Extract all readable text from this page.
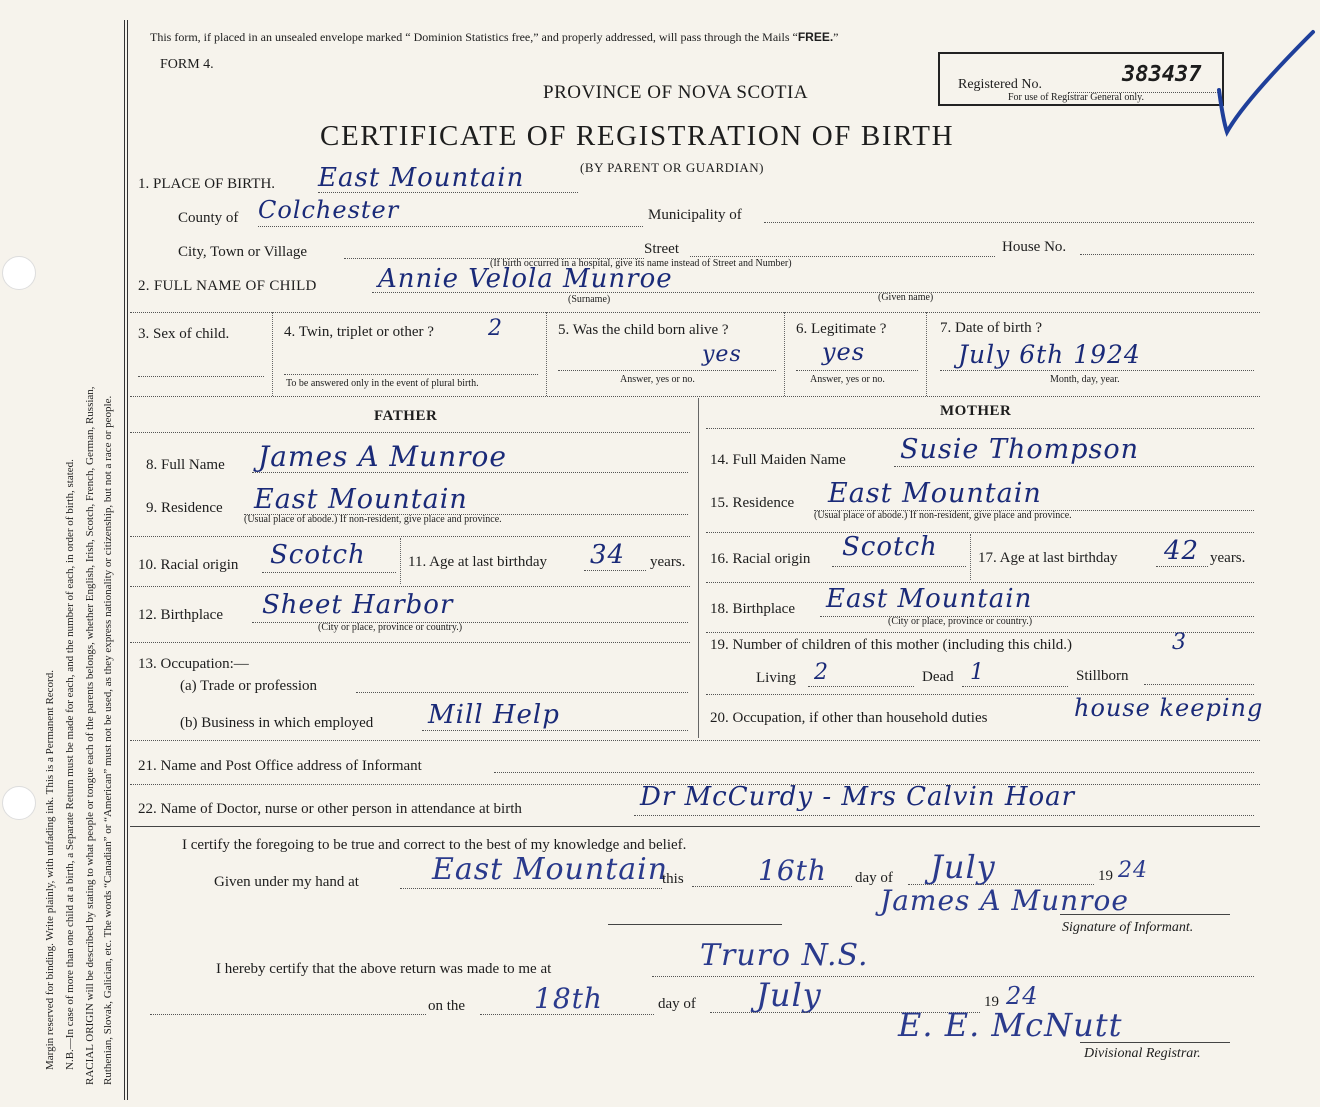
Margin reserved for binding. Write plainly, with unfading ink. This is a Permanent Record. N.B.—In case of more than one child at a birth, a Separate Return must be made for each, and the number of each, in order of birth, stated. RACIAL ORIGIN will be described by stating to what people or tongue each of the parents belongs, whether English, Irish, Scotch, French, German, Russian, Ruthenian, Slovak, Galician, etc. The words “Canadian” or “American” must not be used, as they express nationality or citizenship, but not a race or people.
This form, if placed in an unsealed envelope marked “ Dominion Statistics free,” and properly addressed, will pass through the Mails “FREE.”
FORM 4.
Registered No.	383437
For use of Registrar General only.
PROVINCE OF NOVA SCOTIA
CERTIFICATE OF REGISTRATION OF BIRTH
(BY PARENT OR GUARDIAN)
1. PLACE OF BIRTH. East Mountain
County of Colchester	Municipality of
City, Town or Village	Street	House No.
(If birth occurred in a hospital, give its name instead of Street and Number)
2. FULL NAME OF CHILD Annie Velola Munroe
(Surname)	(Given name)
3. Sex of child.	4. Twin, triplet or other ? 2
To be answered only in the event of plural birth.
5. Was the child born alive ?
yes
Answer, yes or no.
6. Legitimate ?
yes
Answer, yes or no.
7. Date of birth ?
July 6th 1924
Month, day, year.
FATHER
8. Full Name James A Munroe
9. Residence East Mountain
(Usual place of abode.) If non-resident, give place and province.
10. Racial origin Scotch	11. Age at last birthday 34 years.
12. Birthplace Sheet Harbor
(City or place, province or country.)
13. Occupation:—
(a) Trade or profession
(b) Business in which employed Mill Help
MOTHER
14. Full Maiden Name Susie Thompson
15. Residence East Mountain
(Usual place of abode.) If non-resident, give place and province.
16. Racial origin Scotch	17. Age at last birthday 42 years.
18. Birthplace East Mountain
(City or place, province or country.)
19. Number of children of this mother (including this child.)	3
Living 2	Dead 1	Stillborn
20. Occupation, if other than household duties	house keeping
21. Name and Post Office address of Informant
22. Name of Doctor, nurse or other person in attendance at birth	Dr McCurdy - Mrs Calvin Hoar
I certify the foregoing to be true and correct to the best of my knowledge and belief.
Given under my hand at East Mountain
this	16th day of July	19 24
James A Munroe
Signature of Informant.
I hereby certify that the above return was made to me at	Truro N.S.
on the 18th	day of July	19 24
E. E. McNutt
Divisional Registrar.
